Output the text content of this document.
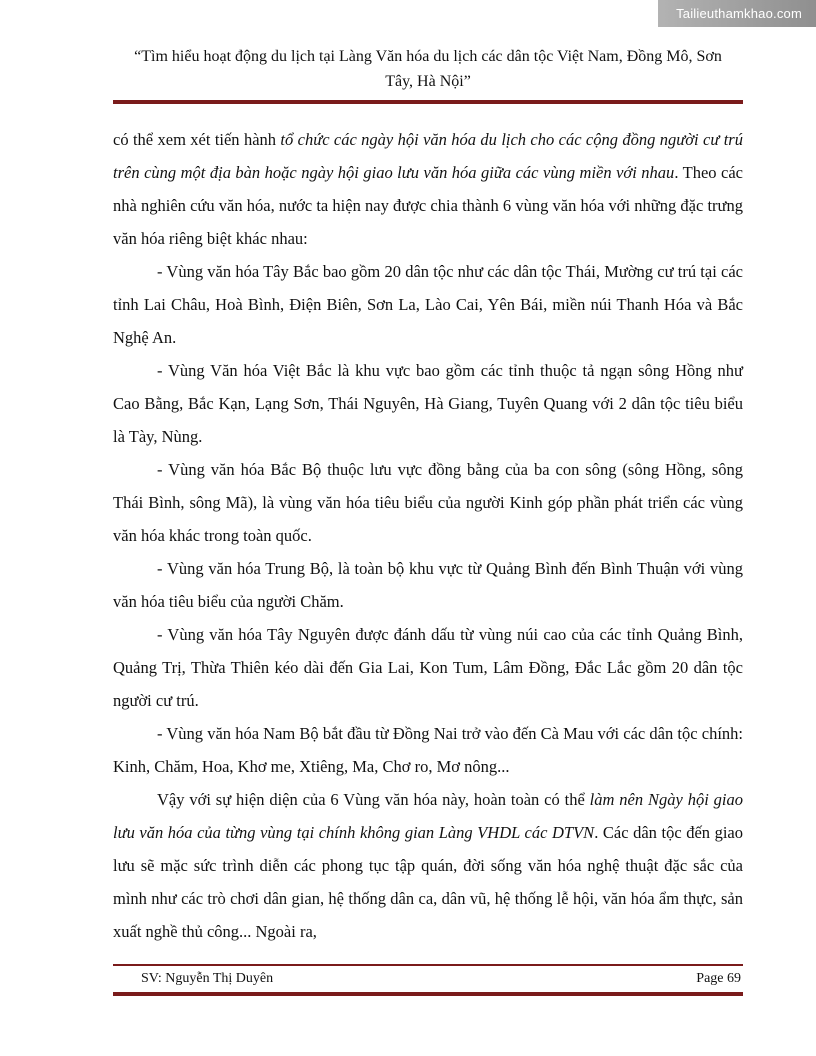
Tailieuthamkhao.com
“Tìm hiểu hoạt động du lịch tại Làng Văn hóa du lịch các dân tộc Việt Nam, Đồng Mô, Sơn Tây, Hà Nội”

có thể xem xét tiến hành tổ chức các ngày hội văn hóa du lịch cho các cộng đồng người cư trú trên cùng một địa bàn hoặc ngày hội giao lưu văn hóa giữa các vùng miền với nhau. Theo các nhà nghiên cứu văn hóa, nước ta hiện nay được chia thành 6 vùng văn hóa với những đặc trưng văn hóa riêng biệt khác nhau:

- Vùng văn hóa Tây Bắc bao gồm 20 dân tộc như các dân tộc Thái, Mường cư trú tại các tỉnh Lai Châu, Hoà Bình, Điện Biên, Sơn La, Lào Cai, Yên Bái, miền núi Thanh Hóa và Bắc Nghệ An.

- Vùng Văn hóa Việt Bắc là khu vực bao gồm các tỉnh thuộc tả ngạn sông Hồng như Cao Bằng, Bắc Kạn, Lạng Sơn, Thái Nguyên, Hà Giang, Tuyên Quang với 2 dân tộc tiêu biểu là Tày, Nùng.

- Vùng văn hóa Bắc Bộ thuộc lưu vực đồng bằng của ba con sông (sông Hồng, sông Thái Bình, sông Mã), là vùng văn hóa tiêu biểu của người Kinh góp phần phát triển các vùng văn hóa khác trong toàn quốc.

- Vùng văn hóa Trung Bộ, là toàn bộ khu vực từ Quảng Bình đến Bình Thuận với vùng văn hóa tiêu biểu của người Chăm.

- Vùng văn hóa Tây Nguyên được đánh dấu từ vùng núi cao của các tỉnh Quảng Bình, Quảng Trị, Thừa Thiên kéo dài đến Gia Lai, Kon Tum, Lâm Đồng, Đắc Lắc gồm 20 dân tộc người cư trú.

- Vùng văn hóa Nam Bộ bắt đầu từ Đồng Nai trở vào đến Cà Mau với các dân tộc chính: Kinh, Chăm, Hoa, Khơ me, Xtiêng, Ma, Chơ ro, Mơ nông...

Vậy với sự hiện diện của 6 Vùng văn hóa này, hoàn toàn có thể làm nên Ngày hội giao lưu văn hóa của từng vùng tại chính không gian Làng VHDL các DTVN. Các dân tộc đến giao lưu sẽ mặc sức trình diễn các phong tục tập quán, đời sống văn hóa nghệ thuật đặc sắc của mình như các trò chơi dân gian, hệ thống dân ca, dân vũ, hệ thống lễ hội, văn hóa ẩm thực, sản xuất nghề thủ công... Ngoài ra,

SV: Nguyễn Thị Duyên	Page 69
